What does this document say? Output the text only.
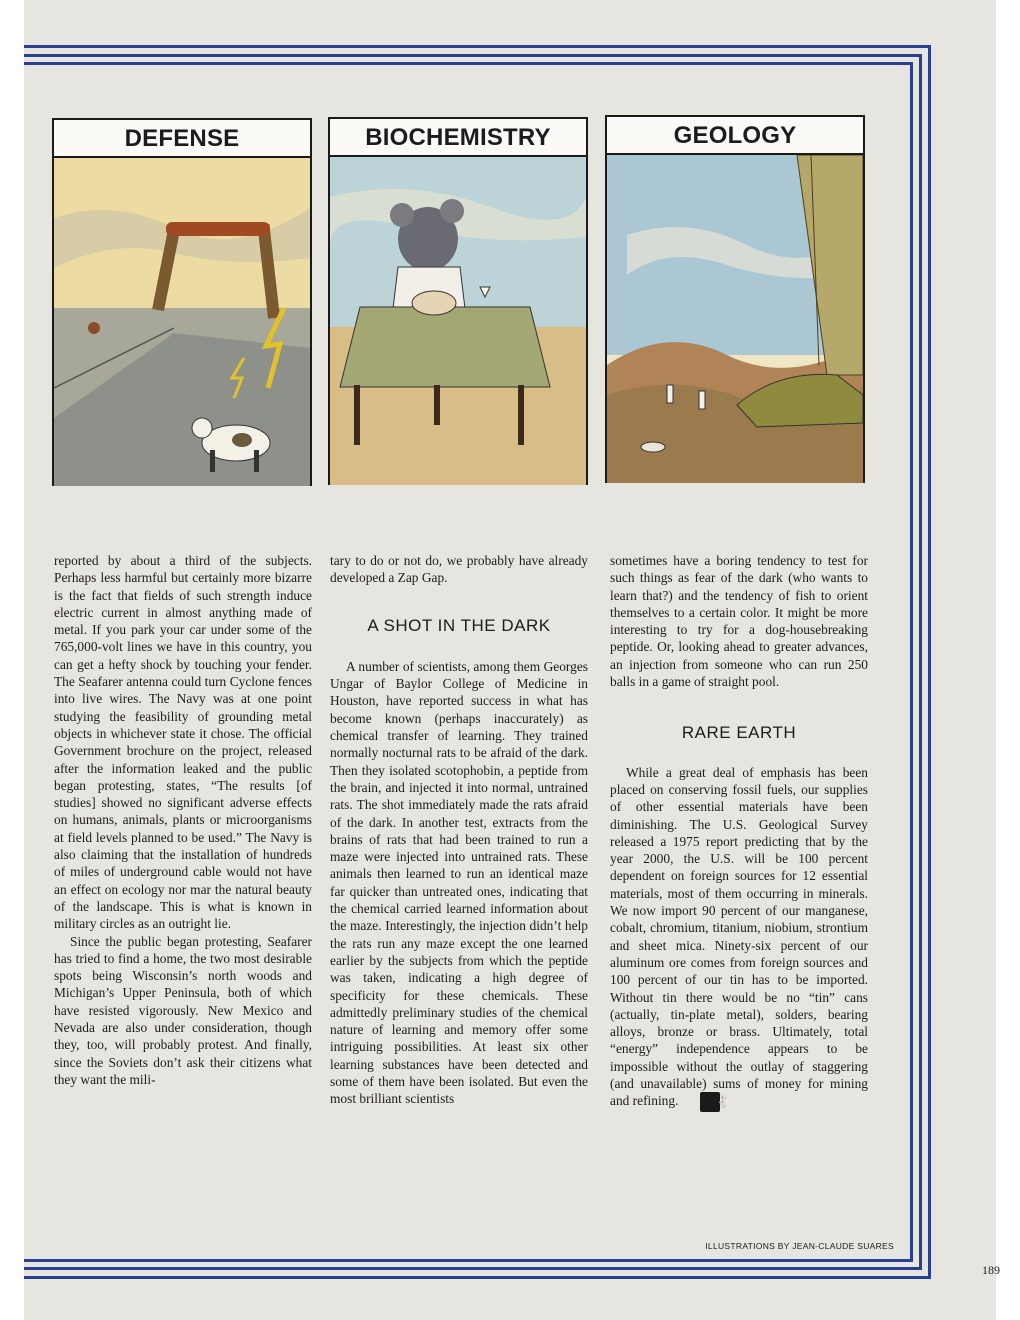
DEFENSE	BIOCHEMISTRY	GEOLOGY

reported by about a third of the subjects. Perhaps less harmful but certainly more bizarre is the fact that fields of such strength induce electric current in almost anything made of metal. If you park your car under some of the 765,000-volt lines we have in this country, you can get a hefty shock by touching your fender. The Seafarer antenna could turn Cyclone fences into live wires. The Navy was at one point studying the feasibility of grounding metal objects in whichever state it chose. The official Government brochure on the project, released after the information leaked and the public began protesting, states, “The results [of studies] showed no significant adverse effects on humans, animals, plants or microorganisms at field levels planned to be used.” The Navy is also claiming that the installation of hundreds of miles of underground cable would not have an effect on ecology nor mar the natural beauty of the landscape. This is what is known in military circles as an outright lie.

Since the public began protesting, Seafarer has tried to find a home, the two most desirable spots being Wisconsin’s north woods and Michigan’s Upper Peninsula, both of which have resisted vigorously. New Mexico and Nevada are also under consideration, though they, too, will probably protest. And finally, since the Soviets don’t ask their citizens what they want the mili-

tary to do or not do, we probably have already developed a Zap Gap.

A SHOT IN THE DARK

A number of scientists, among them Georges Ungar of Baylor College of Medicine in Houston, have reported success in what has become known (perhaps inaccurately) as chemical transfer of learning. They trained normally nocturnal rats to be afraid of the dark. Then they isolated scotophobin, a peptide from the brain, and injected it into normal, untrained rats. The shot immediately made the rats afraid of the dark. In another test, extracts from the brains of rats that had been trained to run a maze were injected into untrained rats. These animals then learned to run an identical maze far quicker than untreated ones, indicating that the chemical carried learned information about the maze. Interestingly, the injection didn’t help the rats run any maze except the one learned earlier by the subjects from which the peptide was taken, indicating a high degree of specificity for these chemicals. These admittedly preliminary studies of the chemical nature of learning and memory offer some intriguing possibilities. At least six other learning substances have been detected and some of them have been isolated. But even the most brilliant scientists

sometimes have a boring tendency to test for such things as fear of the dark (who wants to learn that?) and the tendency of fish to orient themselves to a certain color. It might be more interesting to try for a dog-housebreaking peptide. Or, looking ahead to greater advances, an injection from someone who can run 250 balls in a game of straight pool.

RARE EARTH

While a great deal of emphasis has been placed on conserving fossil fuels, our supplies of other essential materials have been diminishing. The U.S. Geological Survey released a 1975 report predicting that by the year 2000, the U.S. will be 100 percent dependent on foreign sources for 12 essential materials, most of them occurring in minerals. We now import 90 percent of our manganese, cobalt, chromium, titanium, niobium, strontium and sheet mica. Ninety-six percent of our aluminum ore comes from foreign sources and 100 percent of our tin has to be imported. Without tin there would be no “tin” cans (actually, tin-plate metal), solders, bearing alloys, bronze or brass. Ultimately, total “energy” independence appears to be impossible without the outlay of staggering (and unavailable) sums of money for mining and refining.	🐇

ILLUSTRATIONS BY JEAN-CLAUDE SUARES
189
